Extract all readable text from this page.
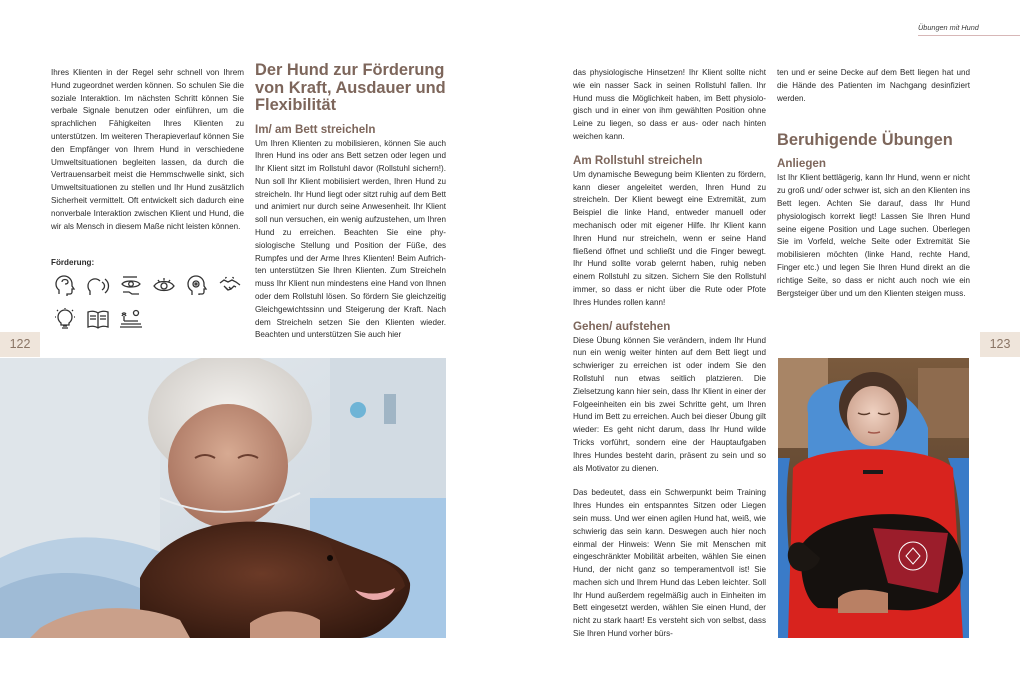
Übungen mit Hund

Ihres Klienten in der Regel sehr schnell von Ihrem Hund zugeordnet werden können. So schulen Sie die soziale Interaktion. Im nächsten Schritt können Sie verbale Signale benutzen oder einführen, um die sprachlichen Fähigkeiten Ihres Klienten zu unterstützen. Im weiteren Therapieverlauf können Sie den Empfänger von Ihrem Hund in verschiedene Umweltsituationen begleiten lassen, da durch die Vertrauensarbeit meist die Hemmschwelle sinkt, sich Umweltsituationen zu stellen und Ihr Hund zusätzlich Sicherheit vermittelt. Oft entwickelt sich dadurch eine nonverbale Interaktion zwischen Klient und Hund, die wir als Mensch in diesem Maße nicht leisten können.

Förderung:
Der Hund zur Förderung von Kraft, Ausdauer und Flexibilität
Im/ am Bett streicheln

Um Ihren Klienten zu mobilisieren, können Sie auch Ihren Hund ins oder ans Bett setzen oder legen und Ihr Klient sitzt im Rollstuhl davor (Rollstuhl sichern!). Nun soll Ihr Klient mobilisiert werden, Ihren Hund zu streicheln. Ihr Hund liegt oder sitzt ruhig auf dem Bett und animiert nur durch seine Anwesenheit. Ihr Klient soll nun versuchen, ein wenig aufzustehen, um Ihren Hund zu erreichen. Beachten Sie eine physiologische Stellung und Position der Füße, des Rumpfes und der Arme Ihres Klienten! Beim Aufrichten unterstützen Sie Ihren Klienten. Zum Streicheln muss Ihr Klient nun mindestens eine Hand von Ihnen oder dem Rollstuhl lösen. So fördern Sie gleichzeitig Gleichgewichtssinn und Steigerung der Kraft. Nach dem Streicheln setzen Sie den Klienten wieder. Beachten und unterstützen Sie auch hier

122	123

das physiologische Hinsetzen! Ihr Klient sollte nicht wie ein nasser Sack in seinen Rollstuhl fallen. Ihr Hund muss die Möglichkeit haben, im Bett physiologisch und in einer von ihm gewählten Position ohne Leine zu liegen, so dass er aus- oder nach hinten weichen kann.

Am Rollstuhl streicheln

Um dynamische Bewegung beim Klienten zu fördern, kann dieser angeleitet werden, Ihren Hund zu streicheln. Der Klient bewegt eine Extremität, zum Beispiel die linke Hand, entweder manuell oder mechanisch oder mit eigener Hilfe. Ihr Klient kann Ihren Hund nur streicheln, wenn er seine Hand fließend öffnet und schließt und die Finger bewegt. Ihr Hund sollte vorab gelernt haben, ruhig neben einem Rollstuhl zu sitzen. Sichern Sie den Rollstuhl immer, so dass er nicht über die Rute oder Pfote Ihres Hundes rollen kann!

Gehen/ aufstehen

Diese Übung können Sie verändern, indem Ihr Hund nun ein wenig weiter hinten auf dem Bett liegt und schwieriger zu erreichen ist oder indem Sie den Rollstuhl nun etwas seitlich platzieren. Die Zielsetzung kann hier sein, dass Ihr Klient in einer der Folgeeinheiten ein bis zwei Schritte geht, um Ihren Hund im Bett zu erreichen. Auch bei dieser Übung gilt wieder: Es geht nicht darum, dass Ihr Hund wilde Tricks vorführt, sondern eine der Hauptaufgaben Ihres Hundes besteht darin, präsent zu sein und so als Motivator zu dienen.

Das bedeutet, dass ein Schwerpunkt beim Training Ihres Hundes ein entspanntes Sitzen oder Liegen sein muss. Und wer einen agilen Hund hat, weiß, wie schwierig das sein kann. Deswegen auch hier noch einmal der Hinweis: Wenn Sie mit Menschen mit eingeschränkter Mobilität arbeiten, wählen Sie einen Hund, der nicht ganz so temperamentvoll ist! Sie machen sich und Ihrem Hund das Leben leichter. Soll Ihr Hund außerdem regelmäßig auch in Einheiten im Bett eingesetzt werden, wählen Sie einen Hund, der nicht zu stark haart! Es versteht sich von selbst, dass Sie Ihren Hund vorher bürs-

ten und er seine Decke auf dem Bett liegen hat und die Hände des Patienten im Nachgang desinfiziert werden.

Beruhigende Übungen
Anliegen

Ist Ihr Klient bettlägerig, kann Ihr Hund, wenn er nicht zu groß und/ oder schwer ist, sich an den Klienten ins Bett legen. Achten Sie darauf, dass Ihr Hund physiologisch korrekt liegt! Lassen Sie Ihren Hund seine eigene Position und Lage suchen. Überlegen Sie im Vorfeld, welche Seite oder Extremität Sie mobilisieren möchten (linke Hand, rechte Hand, Finger etc.) und legen Sie Ihren Hund direkt an die richtige Seite, so dass er nicht auch noch wie ein Bergsteiger über und um den Klienten steigen muss.
